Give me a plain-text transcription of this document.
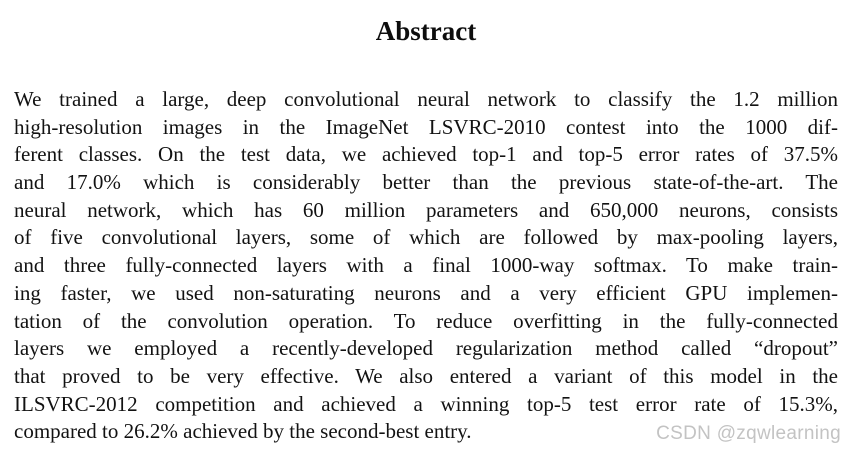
Abstract
We trained a large, deep convolutional neural network to classify the 1.2 million
high-resolution images in the ImageNet LSVRC-2010 contest into the 1000 dif-
ferent classes. On the test data, we achieved top-1 and top-5 error rates of 37.5%
and 17.0% which is considerably better than the previous state-of-the-art. The
neural network, which has 60 million parameters and 650,000 neurons, consists
of five convolutional layers, some of which are followed by max-pooling layers,
and three fully-connected layers with a final 1000-way softmax. To make train-
ing faster, we used non-saturating neurons and a very efficient GPU implemen-
tation of the convolution operation. To reduce overfitting in the fully-connected
layers we employed a recently-developed regularization method called “dropout”
that proved to be very effective. We also entered a variant of this model in the
ILSVRC-2012 competition and achieved a winning top-5 test error rate of 15.3%,
compared to 26.2% achieved by the second-best entry.	CSDN @zqwlearning
